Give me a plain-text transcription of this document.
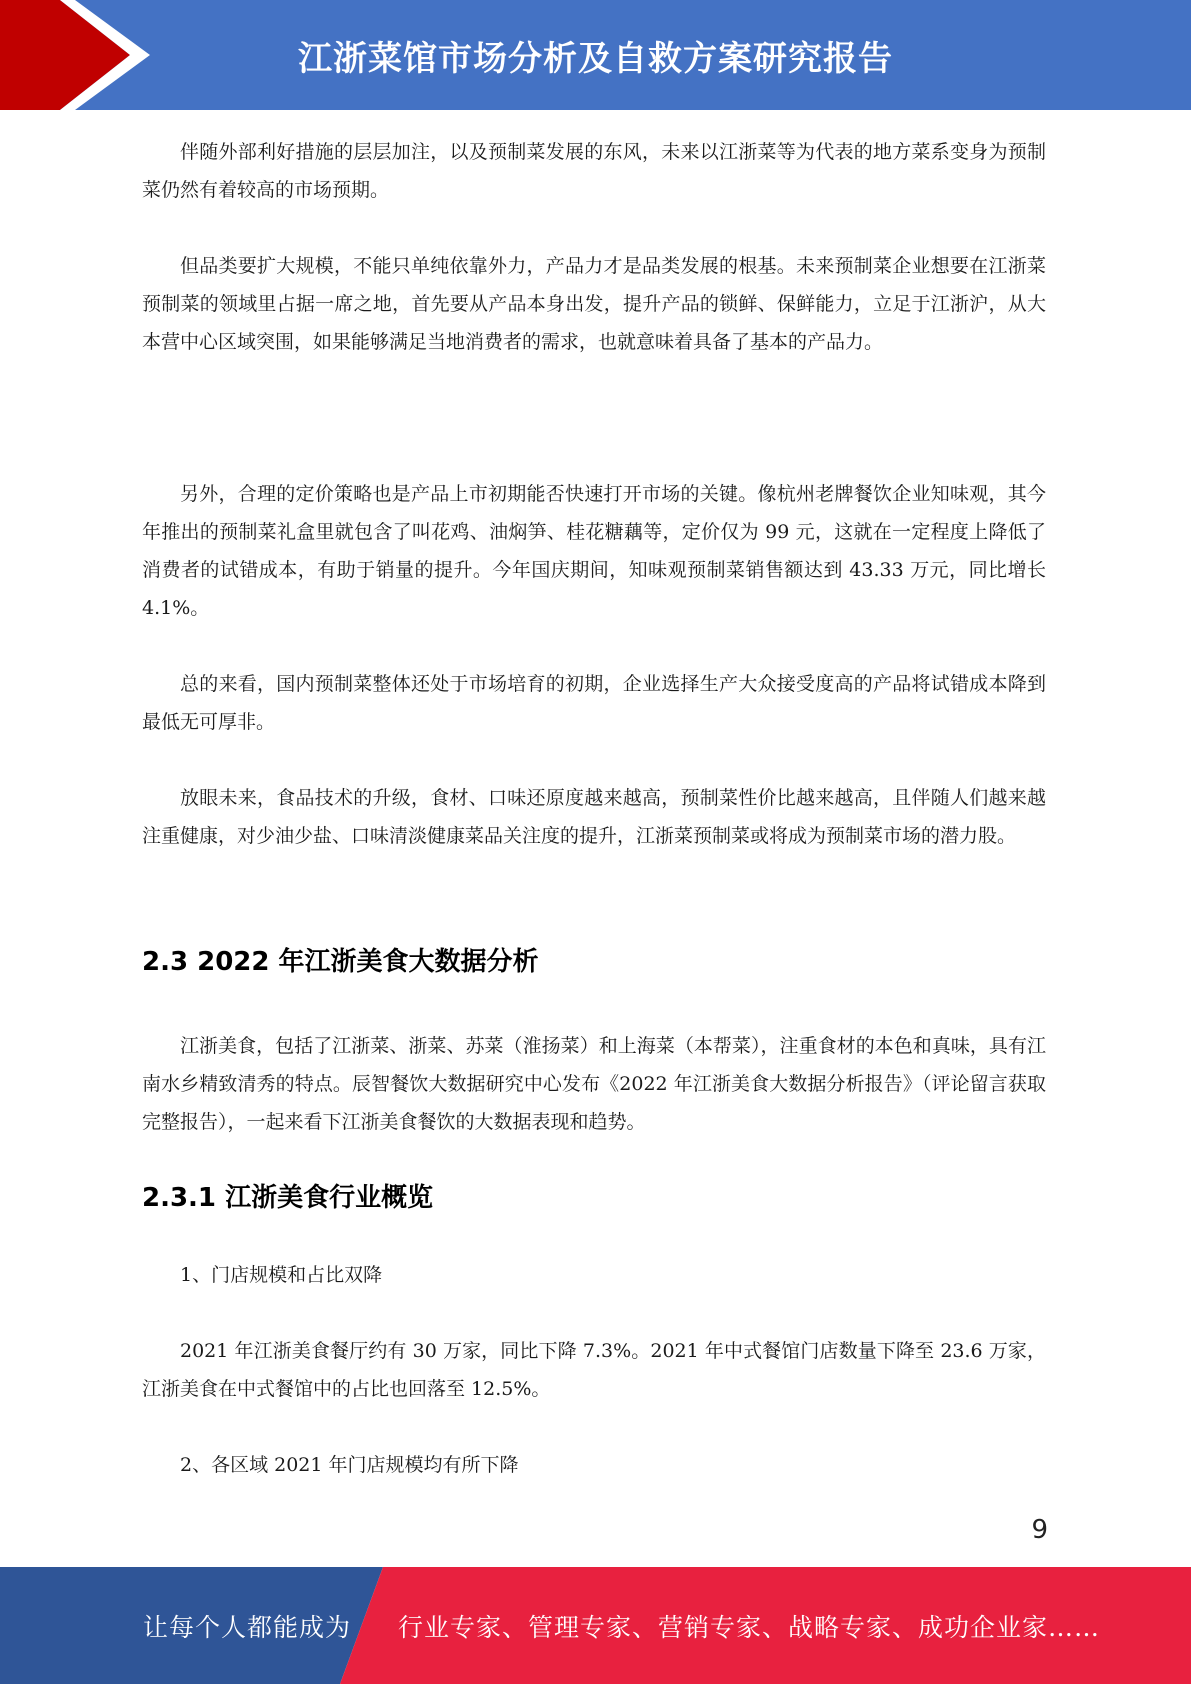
江浙菜馆市场分析及自救方案研究报告

伴随外部利好措施的层层加注，以及预制菜发展的东风，未来以江浙菜等为代表的地方菜系变身为预制菜仍然有着较高的市场预期。

但品类要扩大规模，不能只单纯依靠外力，产品力才是品类发展的根基。未来预制菜企业想要在江浙菜预制菜的领域里占据一席之地，首先要从产品本身出发，提升产品的锁鲜、保鲜能力，立足于江浙沪，从大本营中心区域突围，如果能够满足当地消费者的需求，也就意味着具备了基本的产品力。

另外，合理的定价策略也是产品上市初期能否快速打开市场的关键。像杭州老牌餐饮企业知味观，其今年推出的预制菜礼盒里就包含了叫花鸡、油焖笋、桂花糖藕等，定价仅为 99 元，这就在一定程度上降低了消费者的试错成本，有助于销量的提升。今年国庆期间，知味观预制菜销售额达到 43.33 万元，同比增长 4.1%。

总的来看，国内预制菜整体还处于市场培育的初期，企业选择生产大众接受度高的产品将试错成本降到最低无可厚非。

放眼未来，食品技术的升级，食材、口味还原度越来越高，预制菜性价比越来越高，且伴随人们越来越注重健康，对少油少盐、口味清淡健康菜品关注度的提升，江浙菜预制菜或将成为预制菜市场的潜力股。

2.3 2022 年江浙美食大数据分析

江浙美食，包括了江浙菜、浙菜、苏菜（淮扬菜）和上海菜（本帮菜），注重食材的本色和真味，具有江南水乡精致清秀的特点。辰智餐饮大数据研究中心发布《2022 年江浙美食大数据分析报告》（评论留言获取完整报告），一起来看下江浙美食餐饮的大数据表现和趋势。

2.3.1 江浙美食行业概览

1、门店规模和占比双降

2021 年江浙美食餐厅约有 30 万家，同比下降 7.3%。2021 年中式餐馆门店数量下降至 23.6 万家，江浙美食在中式餐馆中的占比也回落至 12.5%。

2、各区域 2021 年门店规模均有所下降

9
让每个人都能成为 行业专家、管理专家、营销专家、战略专家、成功企业家……
